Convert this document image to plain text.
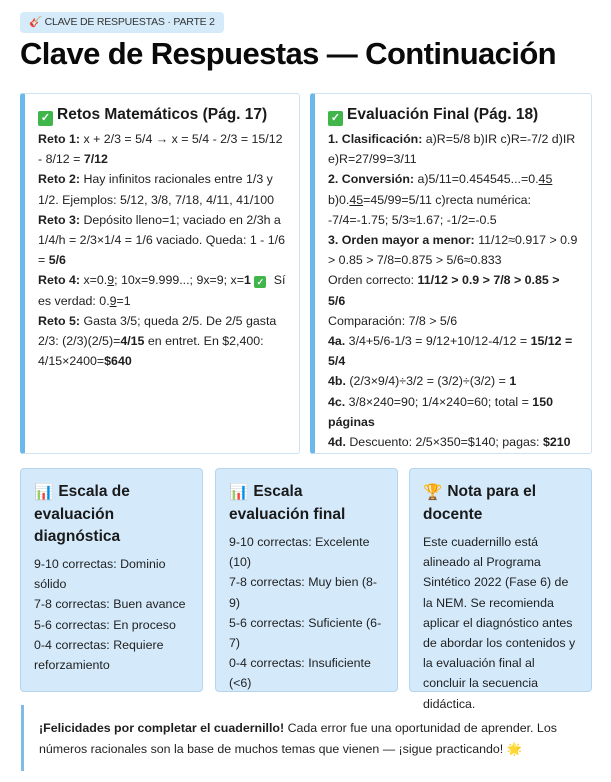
🎸 CLAVE DE RESPUESTAS · PARTE 2
Clave de Respuestas — Continuación
✓ Retos Matemáticos (Pág. 17)
Reto 1: x + 2/3 = 5/4 → x = 5/4 - 2/3 = 15/12 - 8/12 = 7/12
Reto 2: Hay infinitos racionales entre 1/3 y 1/2. Ejemplos: 5/12, 3/8, 7/18, 4/11, 41/100
Reto 3: Depósito lleno=1; vaciado en 2/3h a 1/4/h = 2/3×1/4 = 1/6 vaciado. Queda: 1 - 1/6 = 5/6
Reto 4: x=0.9; 10x=9.999...; 9x=9; x=1 ✓ Sí es verdad: 0.9=1
Reto 5: Gasta 3/5; queda 2/5. De 2/5 gasta 2/3: (2/3)(2/5)=4/15 en entret. En $2,400: 4/15×2400=$640
✓ Evaluación Final (Pág. 18)
1. Clasificación: a)R=5/8 b)IR c)R=-7/2 d)IR e)R=27/99=3/11
2. Conversión: a)5/11=0.454545...=0.45 b)0.45=45/99=5/11 c)recta numérica: -7/4=-1.75; 5/3≈1.67; -1/2=-0.5
3. Orden mayor a menor: 11/12≈0.917 > 0.9 > 0.85 > 7/8=0.875 > 5/6≈0.833
Orden correcto: 11/12 > 0.9 > 7/8 > 0.85 > 5/6
Comparación: 7/8 > 5/6
4a. 3/4+5/6-1/3 = 9/12+10/12-4/12 = 15/12 = 5/4
4b. (2/3×9/4)÷3/2 = (3/2)÷(3/2) = 1
4c. 3/8×240=90; 1/4×240=60; total = 150 páginas
4d. Descuento: 2/5×350=$140; pagas: $210
📊 Escala de evaluación diagnóstica
9-10 correctas: Dominio sólido
7-8 correctas: Buen avance
5-6 correctas: En proceso
0-4 correctas: Requiere reforzamiento
📊 Escala evaluación final
9-10 correctas: Excelente (10)
7-8 correctas: Muy bien (8-9)
5-6 correctas: Suficiente (6-7)
0-4 correctas: Insuficiente (<6)
🏆 Nota para el docente
Este cuadernillo está alineado al Programa Sintético 2022 (Fase 6) de la NEM. Se recomienda aplicar el diagnóstico antes de abordar los contenidos y la evaluación final al concluir la secuencia didáctica.
¡Felicidades por completar el cuadernillo! Cada error fue una oportunidad de aprender. Los números racionales son la base de muchos temas que vienen — ¡sigue practicando! 🌟
